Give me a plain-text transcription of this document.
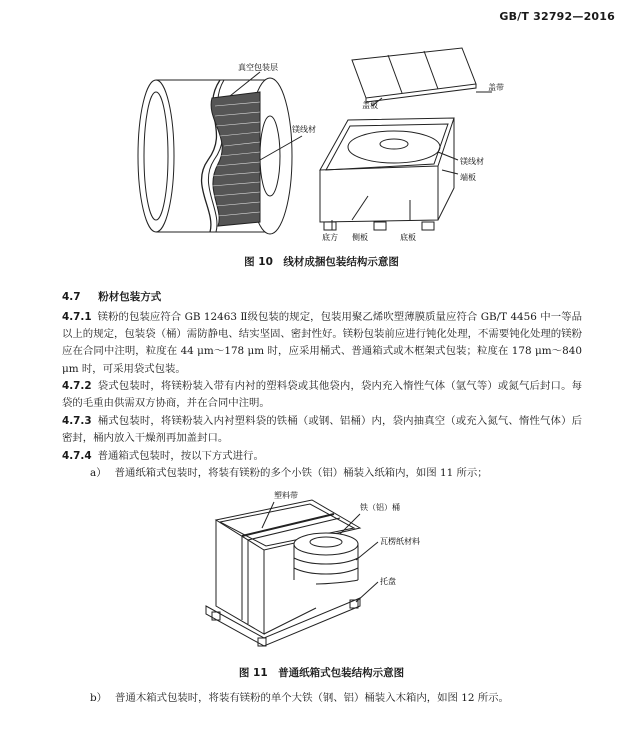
GB/T 32792—2016
真空包装层
镁线材
盖带
盖板
镁线材
端板
底方 侧板	底板
图 10　线材成捆包装结构示意图
4.7 粉材包装方式
4.7.1 镁粉的包装应符合 GB 12463 Ⅱ级包装的规定，包装用聚乙烯吹塑薄膜质量应符合 GB/T 4456 中一等品以上的规定，包装袋（桶）需防静电、结实坚固、密封性好。镁粉包装前应进行钝化处理，不需要钝化处理的镁粉应在合同中注明，粒度在 44 μm～178 μm 时，应采用桶式、普通箱式或木框架式包装；粒度在 178 μm～840 μm 时，可采用袋式包装。
4.7.2 袋式包装时，将镁粉装入带有内衬的塑料袋或其他袋内，袋内充入惰性气体（氩气等）或氮气后封口。每袋的毛重由供需双方协商，并在合同中注明。
4.7.3 桶式包装时，将镁粉装入内衬塑料袋的铁桶（或钢、铝桶）内，袋内抽真空（或充入氮气、惰性气体）后密封，桶内放入干燥剂再加盖封口。
4.7.4 普通箱式包装时，按以下方式进行。
a） 普通纸箱式包装时，将装有镁粉的多个小铁（铝）桶装入纸箱内，如图 11 所示；
塑料带
铁（铝）桶
瓦楞纸材料
托盘
图 11　普通纸箱式包装结构示意图
b） 普通木箱式包装时，将装有镁粉的单个大铁（钢、铝）桶装入木箱内，如图 12 所示。
